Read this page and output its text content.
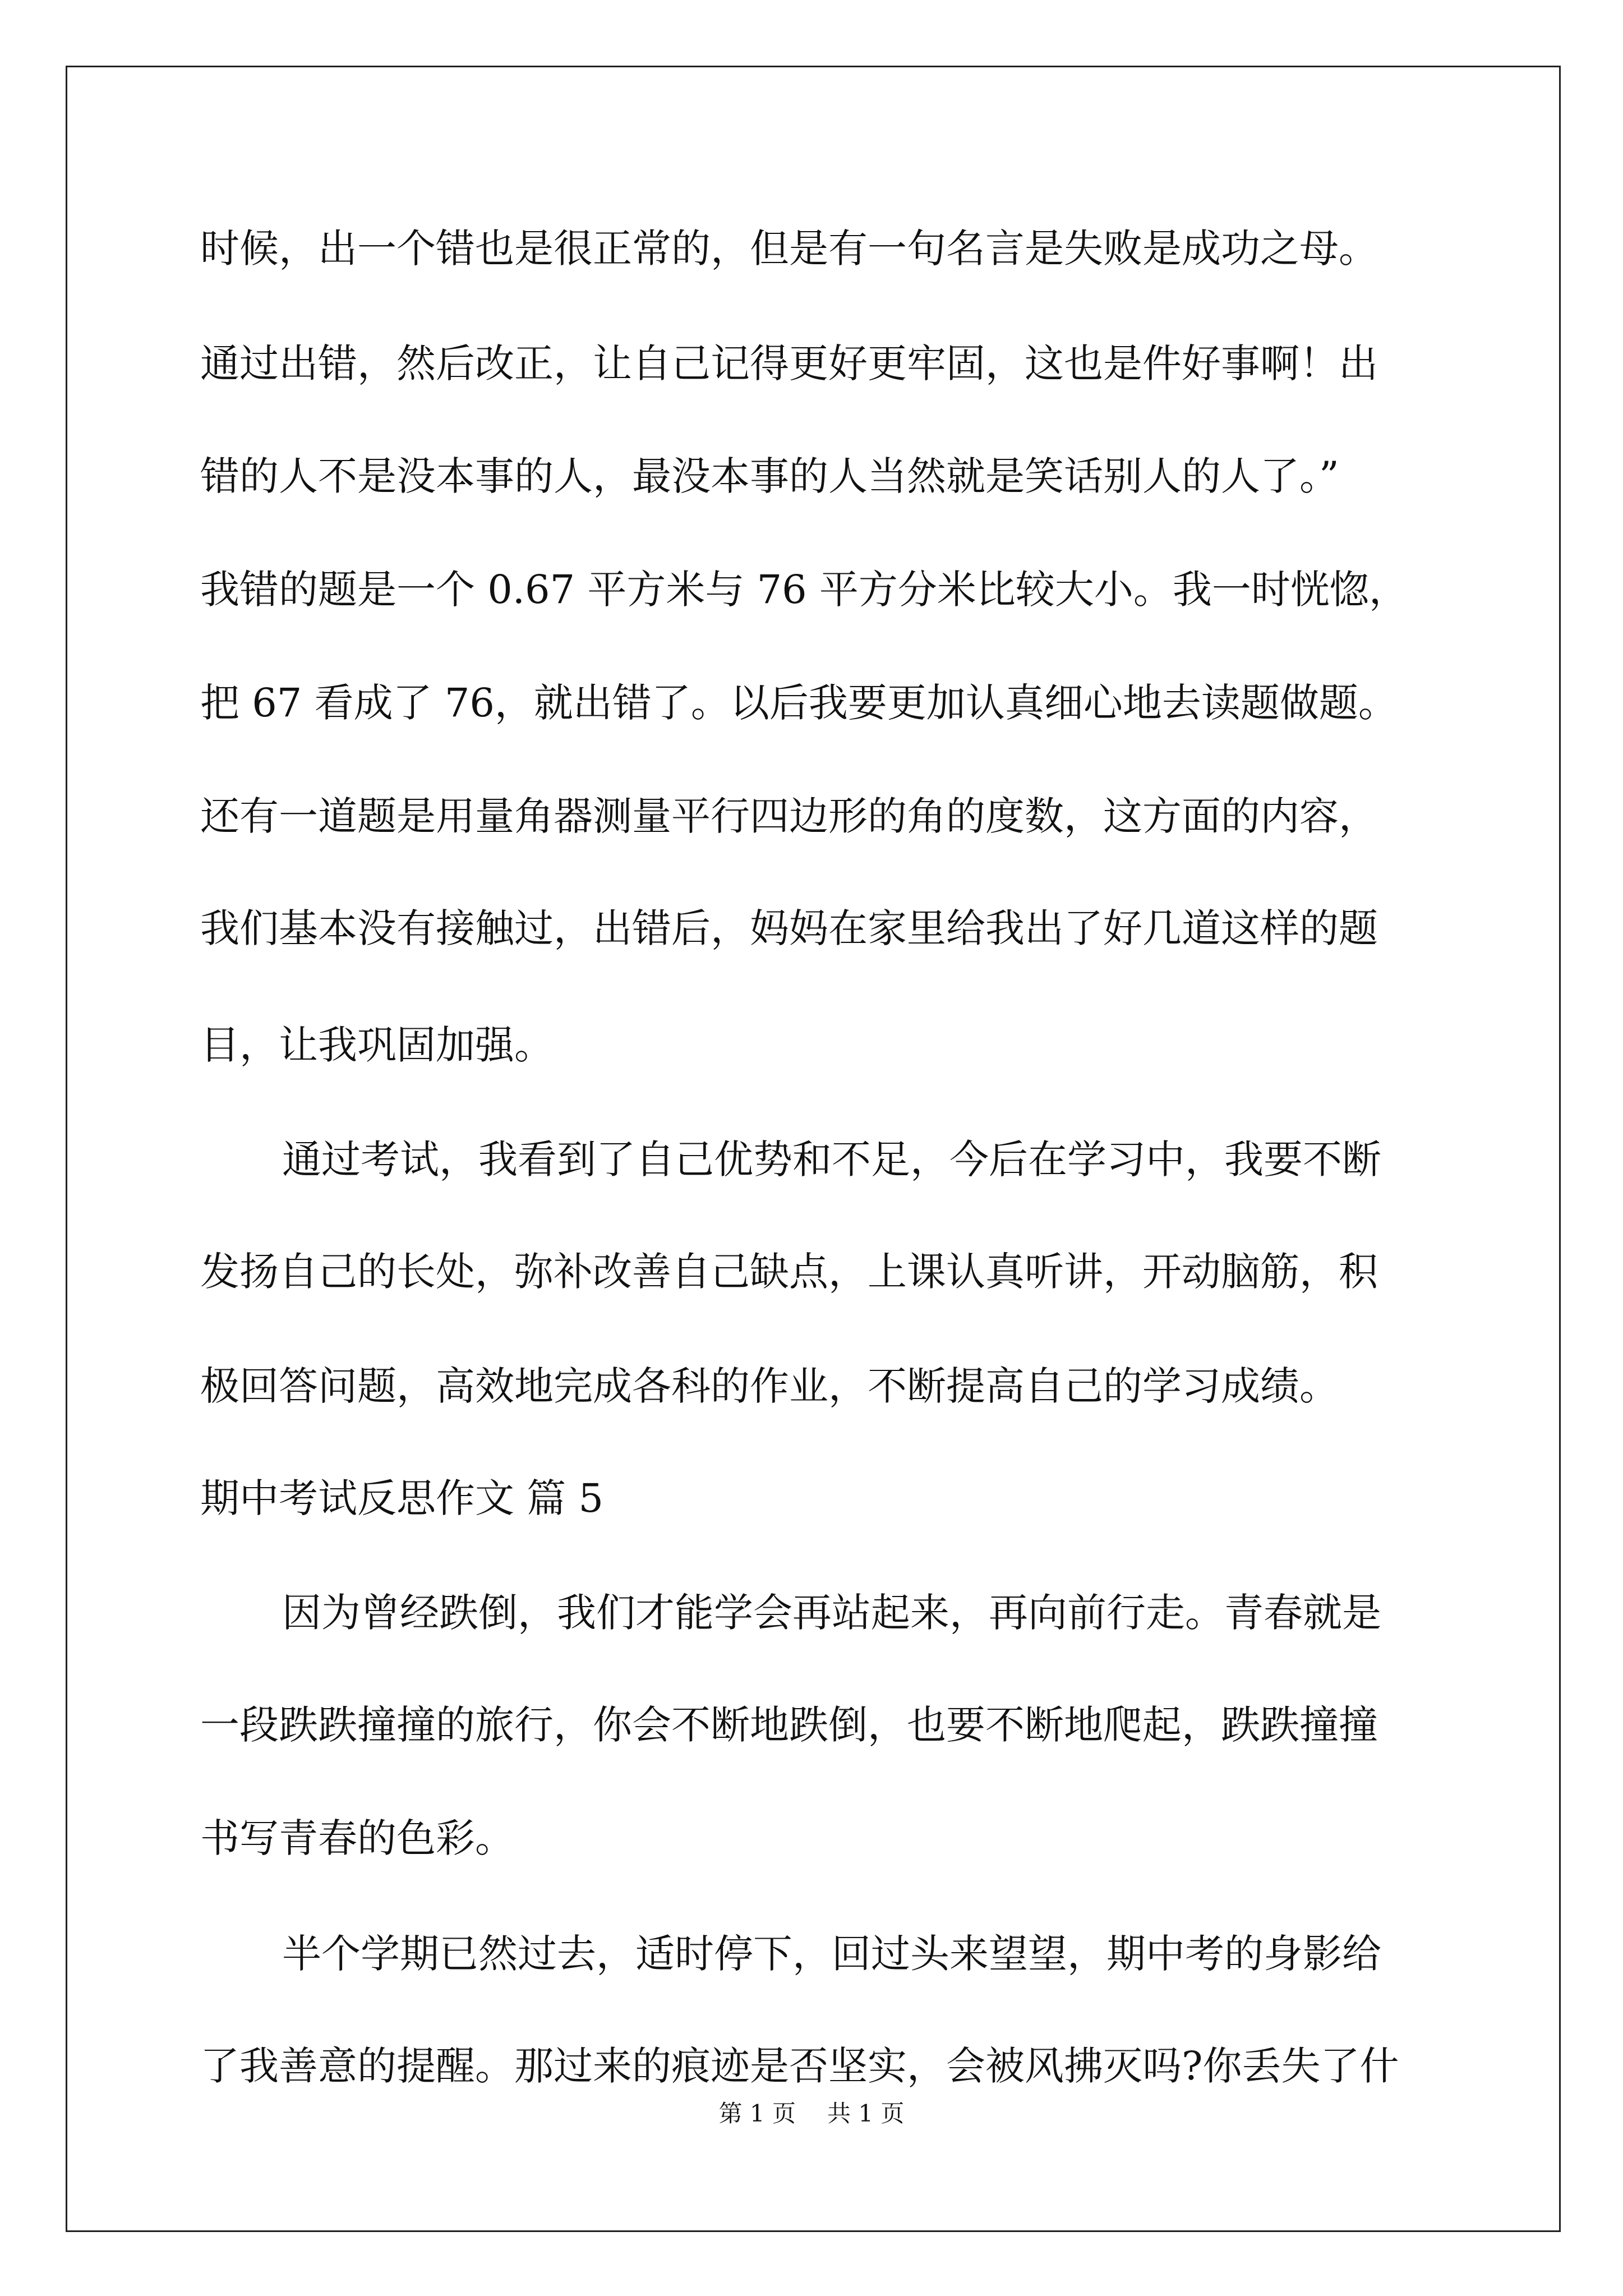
时候，出一个错也是很正常的，但是有一句名言是失败是成功之母。
通过出错，然后改正，让自己记得更好更牢固，这也是件好事啊！出
错的人不是没本事的人，最没本事的人当然就是笑话别人的人了。”
我错的题是一个 0.67 平方米与 76 平方分米比较大小。我一时恍惚，
把 67 看成了 76，就出错了。以后我要更加认真细心地去读题做题。
还有一道题是用量角器测量平行四边形的角的度数，这方面的内容，
我们基本没有接触过，出错后，妈妈在家里给我出了好几道这样的题
目，让我巩固加强。
通过考试，我看到了自己优势和不足，今后在学习中，我要不断
发扬自己的长处，弥补改善自己缺点，上课认真听讲，开动脑筋，积
极回答问题，高效地完成各科的作业，不断提高自己的学习成绩。
期中考试反思作文 篇 5
因为曾经跌倒，我们才能学会再站起来，再向前行走。青春就是
一段跌跌撞撞的旅行，你会不断地跌倒，也要不断地爬起，跌跌撞撞
书写青春的色彩。
半个学期已然过去，适时停下，回过头来望望，期中考的身影给
了我善意的提醒。那过来的痕迹是否坚实，会被风拂灭吗?你丢失了什
第 1 页 共 1 页
